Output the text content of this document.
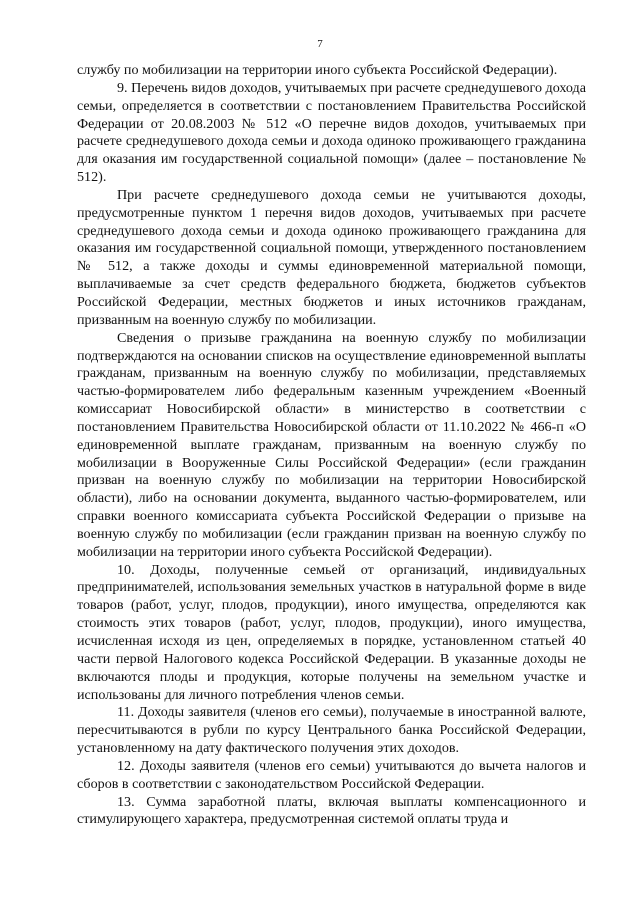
7

службу по мобилизации на территории иного субъекта Российской Федерации).

9. Перечень видов доходов, учитываемых при расчете среднедушевого дохода семьи, определяется в соответствии с постановлением Правительства Российской Федерации от 20.08.2003 № 512 «О перечне видов доходов, учитываемых при расчете среднедушевого дохода семьи и дохода одиноко проживающего гражданина для оказания им государственной социальной помощи» (далее – постановление № 512).

При расчете среднедушевого дохода семьи не учитываются доходы, предусмотренные пунктом 1 перечня видов доходов, учитываемых при расчете среднедушевого дохода семьи и дохода одиноко проживающего гражданина для оказания им государственной социальной помощи, утвержденного постановлением № 512, а также доходы и суммы единовременной материальной помощи, выплачиваемые за счет средств федерального бюджета, бюджетов субъектов Российской Федерации, местных бюджетов и иных источников гражданам, призванным на военную службу по мобилизации.

Сведения о призыве гражданина на военную службу по мобилизации подтверждаются на основании списков на осуществление единовременной выплаты гражданам, призванным на военную службу по мобилизации, представляемых частью-формирователем либо федеральным казенным учреждением «Военный комиссариат Новосибирской области» в министерство в соответствии с постановлением Правительства Новосибирской области от 11.10.2022 № 466-п «О единовременной выплате гражданам, призванным на военную службу по мобилизации в Вооруженные Силы Российской Федерации» (если гражданин призван на военную службу по мобилизации на территории Новосибирской области), либо на основании документа, выданного частью-формирователем, или справки военного комиссариата субъекта Российской Федерации о призыве на военную службу по мобилизации (если гражданин призван на военную службу по мобилизации на территории иного субъекта Российской Федерации).

10. Доходы, полученные семьей от организаций, индивидуальных предпринимателей, использования земельных участков в натуральной форме в виде товаров (работ, услуг, плодов, продукции), иного имущества, определяются как стоимость этих товаров (работ, услуг, плодов, продукции), иного имущества, исчисленная исходя из цен, определяемых в порядке, установленном статьей 40 части первой Налогового кодекса Российской Федерации. В указанные доходы не включаются плоды и продукция, которые получены на земельном участке и использованы для личного потребления членов семьи.

11. Доходы заявителя (членов его семьи), получаемые в иностранной валюте, пересчитываются в рубли по курсу Центрального банка Российской Федерации, установленному на дату фактического получения этих доходов.

12. Доходы заявителя (членов его семьи) учитываются до вычета налогов и сборов в соответствии с законодательством Российской Федерации.

13. Сумма заработной платы, включая выплаты компенсационного и стимулирующего характера, предусмотренная системой оплаты труда и
